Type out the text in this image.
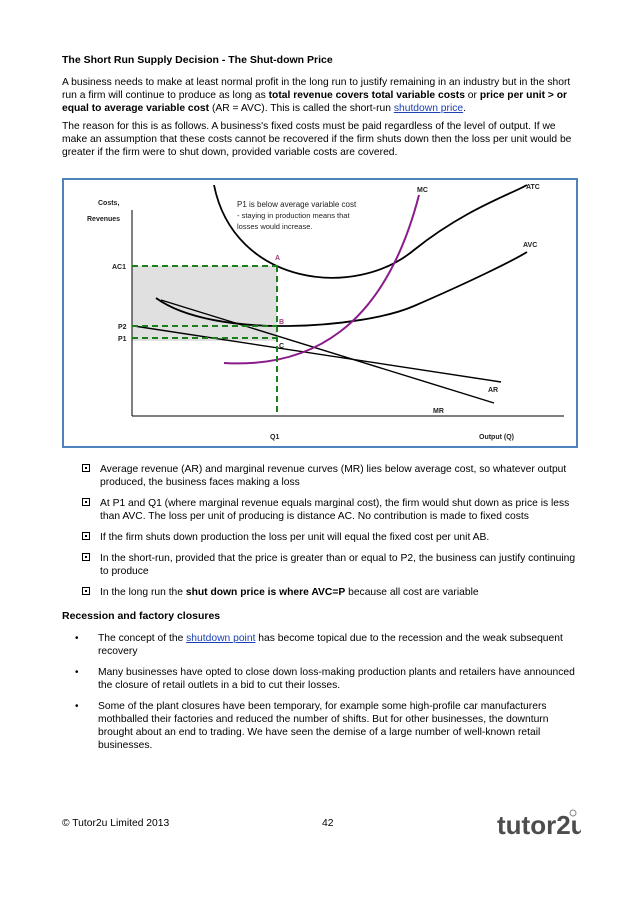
The Short Run Supply Decision - The Shut-down Price

A business needs to make at least normal profit in the long run to justify remaining in an industry but in the short run a firm will continue to produce as long as total revenue covers total variable costs or price per unit > or equal to average variable cost (AR = AVC). This is called the short-run shutdown price.

The reason for this is as follows. A business's fixed costs must be paid regardless of the level of output. If we make an assumption that these costs cannot be recovered if the firm shuts down then the loss per unit would be greater if the firm were to shut down, provided variable costs are covered.

Costs,
Revenues
P1 is below average variable cost
- staying in production means that
losses would increase.
MC	ATC
AVC
AR
MR
AC1
P2
P1
Q1	Output (Q)
A
B
C
Average revenue (AR) and marginal revenue curves (MR) lies below average cost, so whatever output produced, the business faces making a loss
At P1 and Q1 (where marginal revenue equals marginal cost), the firm would shut down as price is less than AVC. The loss per unit of producing is distance AC. No contribution is made to fixed costs
If the firm shuts down production the loss per unit will equal the fixed cost per unit AB.
In the short-run, provided that the price is greater than or equal to P2, the business can justify continuing to produce
In the long run the shut down price is where AVC=P because all cost are variable
Recession and factory closures
• The concept of the shutdown point has become topical due to the recession and the weak subsequent recovery
• Many businesses have opted to close down loss-making production plants and retailers have announced the closure of retail outlets in a bid to cut their losses.
• Some of the plant closures have been temporary, for example some high-profile car manufacturers mothballed their factories and reduced the number of shifts. But for other businesses, the downturn brought about an end to trading. We have seen the demise of a large number of well-known retail businesses.
© Tutor2u Limited 2013	42	tutor2u
